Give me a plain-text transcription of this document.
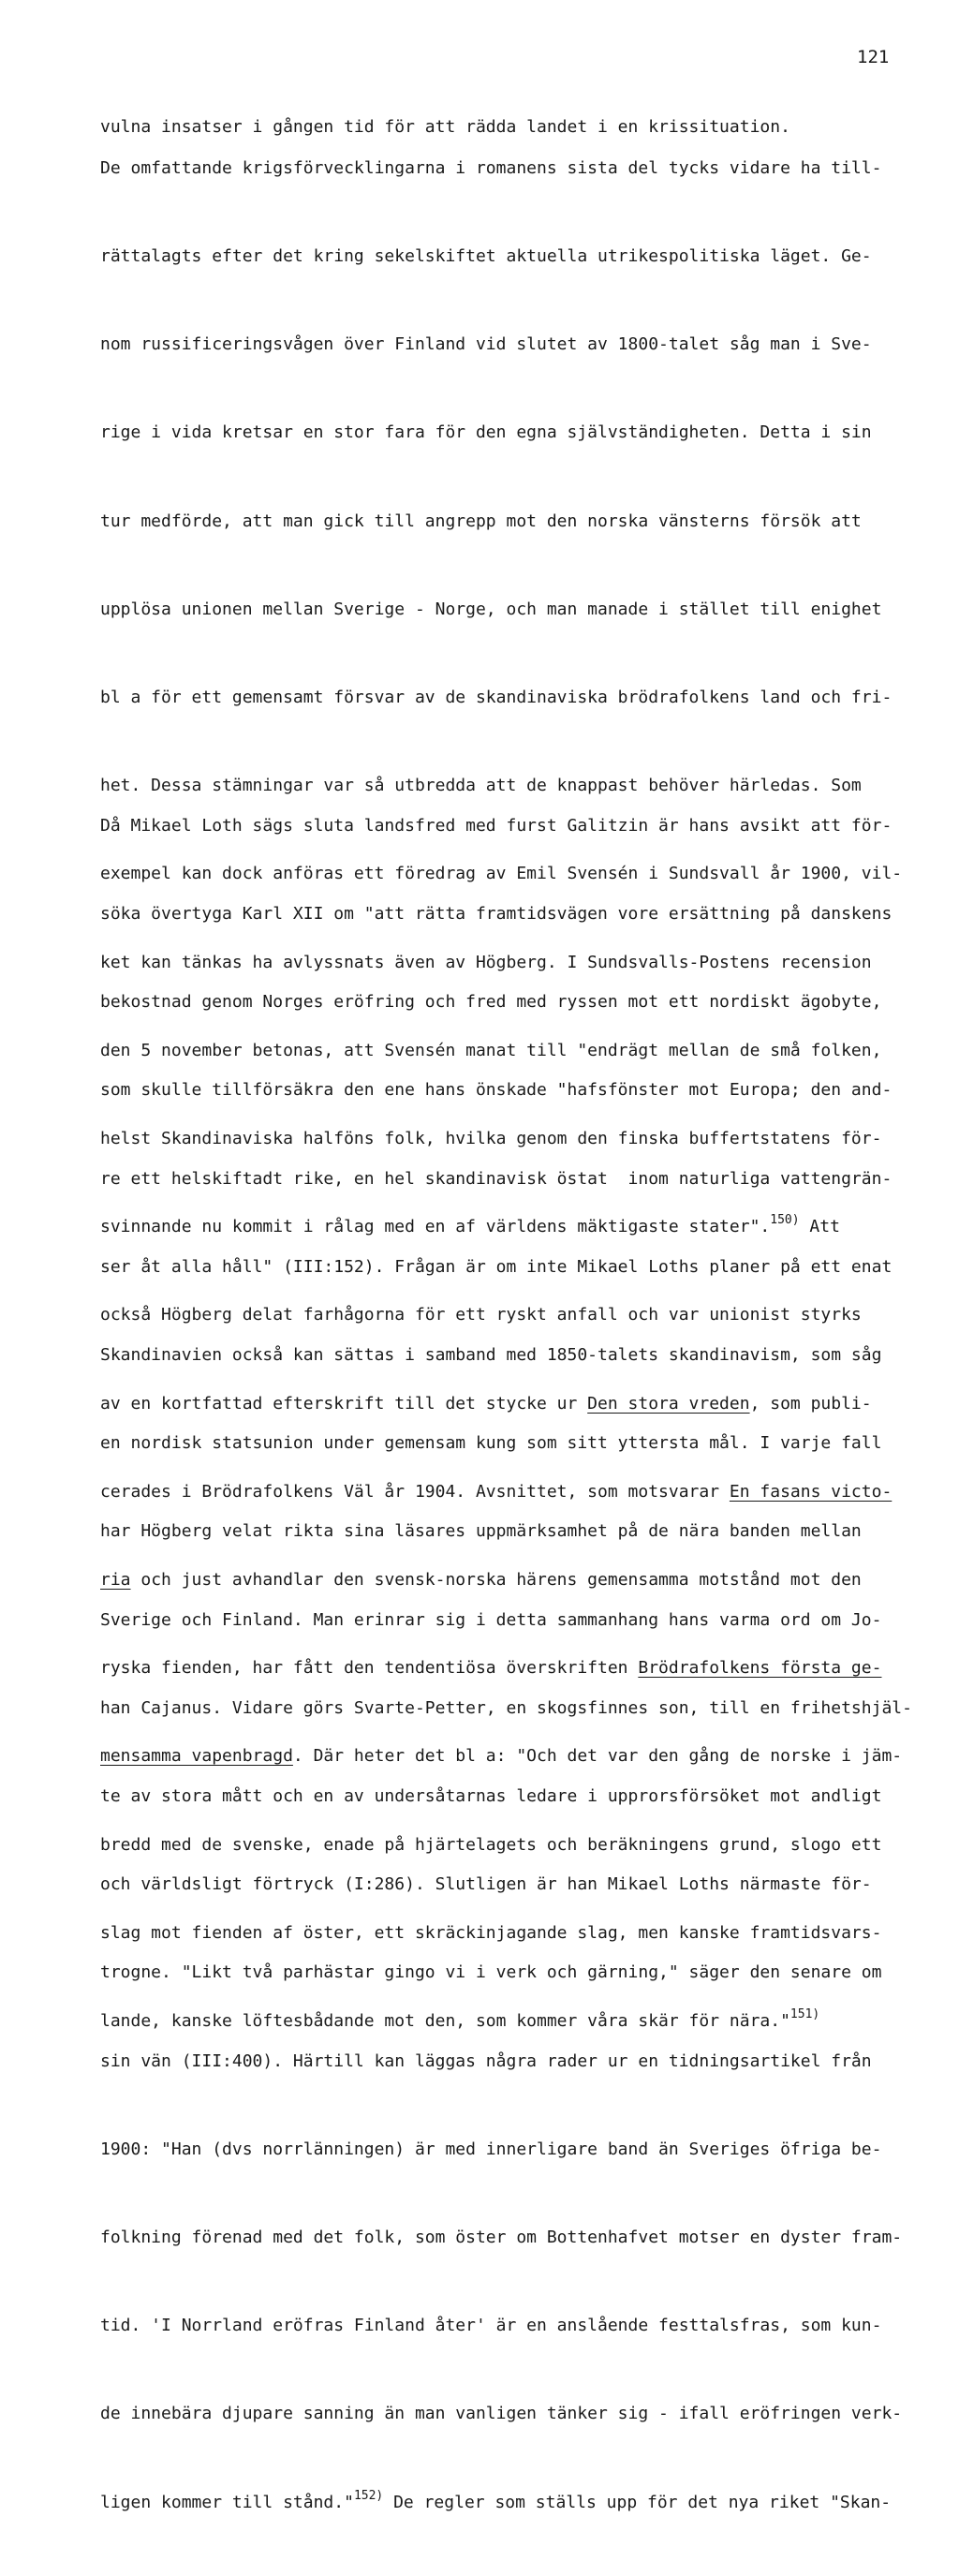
121

vulna insatser i gången tid för att rädda landet i en krissituation.

De omfattande krigsförvecklingarna i romanens sista del tycks vidare ha till-

rättalagts efter det kring sekelskiftet aktuella utrikespolitiska läget. Ge-

nom russificeringsvågen över Finland vid slutet av 1800-talet såg man i Sve-

rige i vida kretsar en stor fara för den egna självständigheten. Detta i sin

tur medförde, att man gick till angrepp mot den norska vänsterns försök att

upplösa unionen mellan Sverige - Norge, och man manade i stället till enighet

bl a för ett gemensamt försvar av de skandinaviska brödrafolkens land och fri-

het. Dessa stämningar var så utbredda att de knappast behöver härledas. Som

exempel kan dock anföras ett föredrag av Emil Svensén i Sundsvall år 1900, vil-

ket kan tänkas ha avlyssnats även av Högberg. I Sundsvalls-Postens recension

den 5 november betonas, att Svensén manat till "endrägt mellan de små folken,

helst Skandinaviska halföns folk, hvilka genom den finska buffertstatens för-

svinnande nu kommit i rålag med en af världens mäktigaste stater".$^{150)}$ Att

också Högberg delat farhågorna för ett ryskt anfall och var unionist styrks

av en kortfattad efterskrift till det stycke ur Den stora vreden, som publi-

cerades i Brödrafolkens Väl år 1904. Avsnittet, som motsvarar En fasans victo-

ria och just avhandlar den svensk-norska härens gemensamma motstånd mot den

ryska fienden, har fått den tendentiösa överskriften Brödrafolkens första ge-

mensamma vapenbragd. Där heter det bl a: "Och det var den gång de norske i jäm-

bredd med de svenske, enade på hjärtelagets och beräkningens grund, slogo ett

slag mot fienden af öster, ett skräckinjagande slag, men kanske framtidsvars-

lande, kanske löftesbådande mot den, som kommer våra skär för nära."$^{151)}$

Då Mikael Loth sägs sluta landsfred med furst Galitzin är hans avsikt att för-

söka övertyga Karl XII om "att rätta framtidsvägen vore ersättning på danskens

bekostnad genom Norges eröfring och fred med ryssen mot ett nordiskt ägobyte,

som skulle tillförsäkra den ene hans önskade "hafsfönster mot Europa; den and-

re ett helskiftadt rike, en hel skandinavisk östat  inom naturliga vattengrän-

ser åt alla håll" (III:152). Frågan är om inte Mikael Loths planer på ett enat

Skandinavien också kan sättas i samband med 1850-talets skandinavism, som såg

en nordisk statsunion under gemensam kung som sitt yttersta mål. I varje fall

har Högberg velat rikta sina läsares uppmärksamhet på de nära banden mellan

Sverige och Finland. Man erinrar sig i detta sammanhang hans varma ord om Jo-

han Cajanus. Vidare görs Svarte-Petter, en skogsfinnes son, till en frihetshjäl-

te av stora mått och en av undersåtarnas ledare i upprorsförsöket mot andligt

och världsligt förtryck (I:286). Slutligen är han Mikael Loths närmaste för-

trogne. "Likt två parhästar gingo vi i verk och gärning," säger den senare om

sin vän (III:400). Härtill kan läggas några rader ur en tidningsartikel från

1900: "Han (dvs norrlänningen) är med innerligare band än Sveriges öfriga be-

folkning förenad med det folk, som öster om Bottenhafvet motser en dyster fram-

tid. 'I Norrland eröfras Finland åter' är en anslående festtalsfras, som kun-

de innebära djupare sanning än man vanligen tänker sig - ifall eröfringen verk-

ligen kommer till stånd."$^{152)}$ De regler som ställs upp för det nya riket "Skan-
